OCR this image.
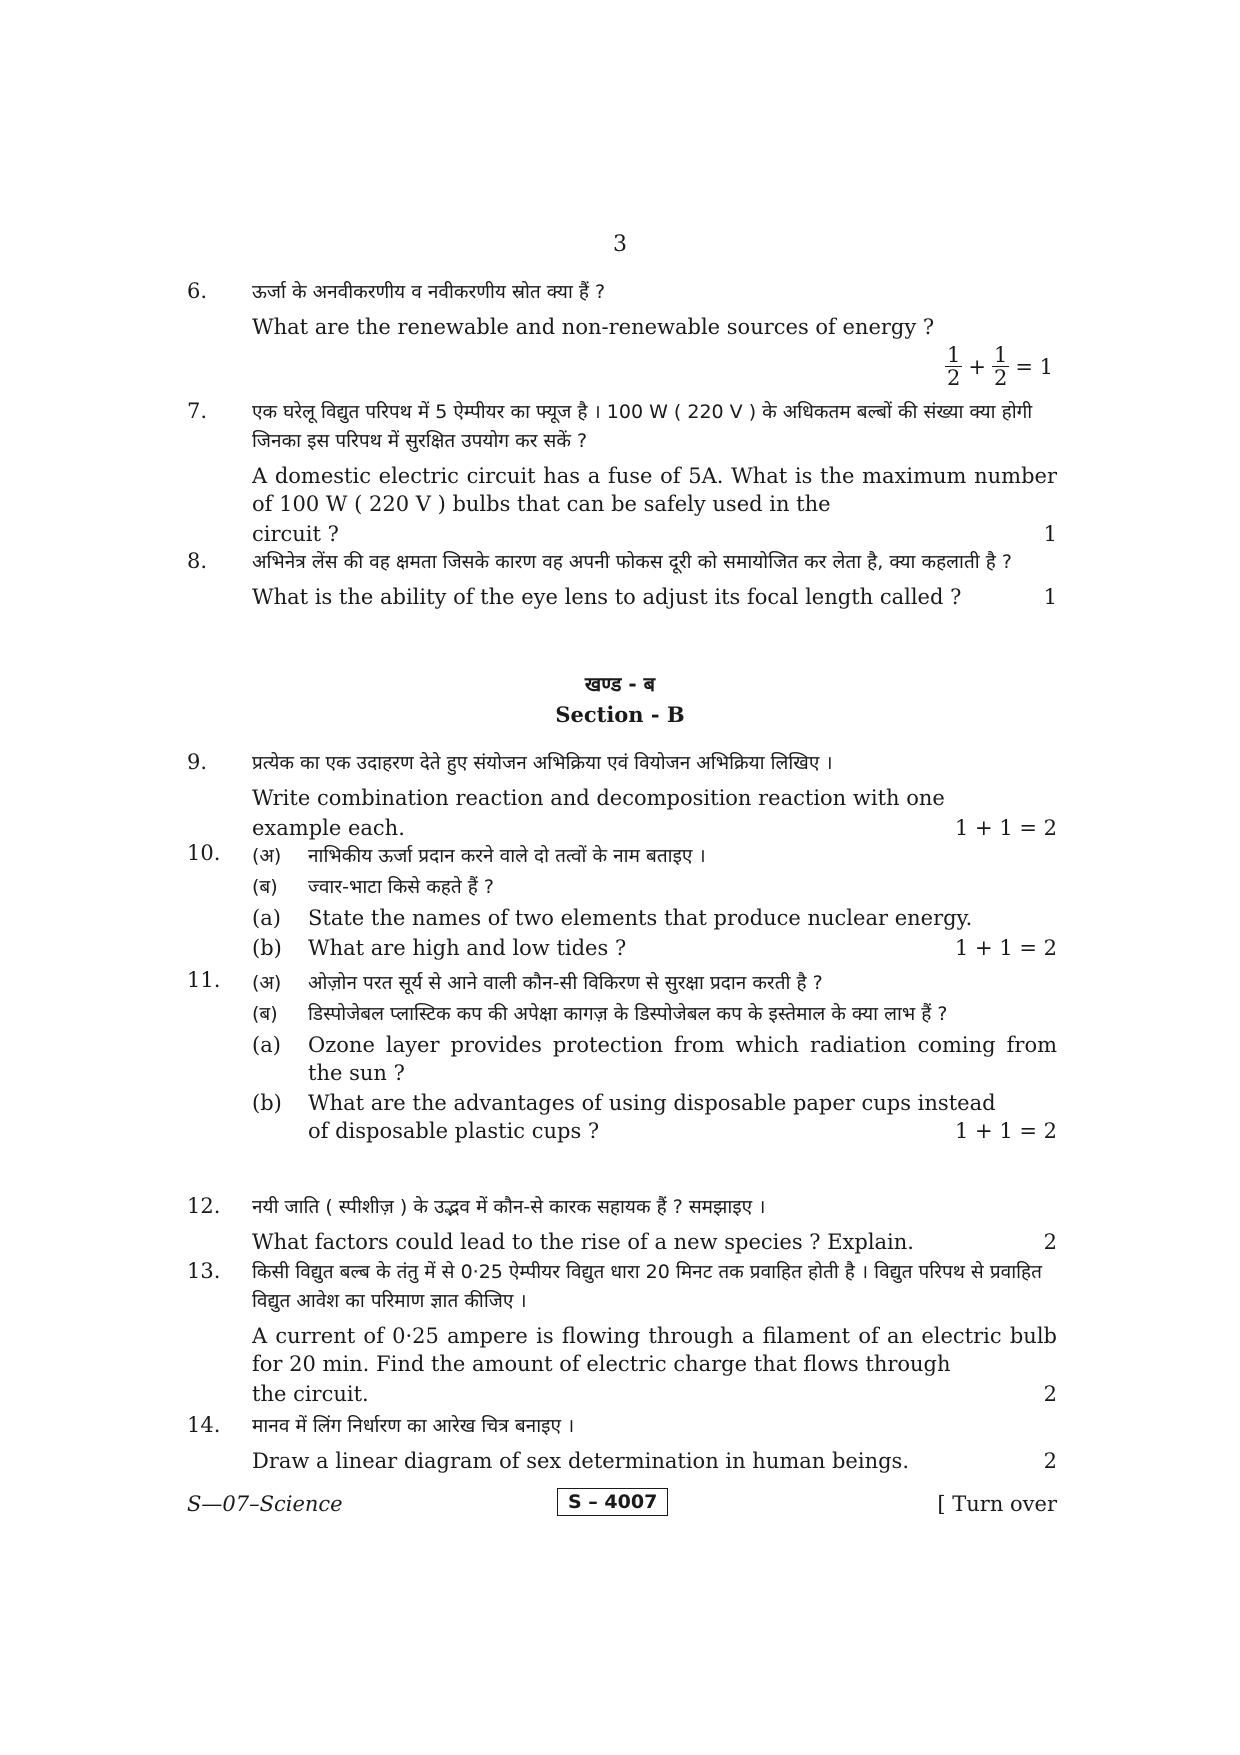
3
6.	ऊर्जा के अनवीकरणीय व नवीकरणीय स्रोत क्या हैं ?
What are the renewable and non-renewable sources of energy ?
1
$2 + \frac{1}{2} = 1$
7.	एक घरेलू विद्युत परिपथ में 5 ऐम्पीयर का फ्यूज है । 100 W ( 220 V ) के अधिकतम बल्बों की संख्या क्या होगी जिनका इस परिपथ में सुरक्षित उपयोग कर सकें ?
A domestic electric circuit has a fuse of 5A. What is the maximum number of 100 W ( 220 V ) bulbs that can be safely used in the
circuit ?	1
8.	अभिनेत्र लेंस की वह क्षमता जिसके कारण वह अपनी फोकस दूरी को समायोजित कर लेता है, क्या कहलाती है ?
What is the ability of the eye lens to adjust its focal length called ?	1
खण्ड - ब
Section - B
9.	प्रत्येक का एक उदाहरण देते हुए संयोजन अभिक्रिया एवं वियोजन अभिक्रिया लिखिए ।
Write combination reaction and decomposition reaction with one
example each.	1 + 1 = 2
10.	(अ)	नाभिकीय ऊर्जा प्रदान करने वाले दो तत्वों के नाम बताइए ।
(ब)	ज्वार-भाटा किसे कहते हैं ?
(a)	State the names of two elements that produce nuclear energy.
(b)	What are high and low tides ?	1 + 1 = 2
11.	(अ)	ओज़ोन परत सूर्य से आने वाली कौन-सी विकिरण से सुरक्षा प्रदान करती है ?
(ब)	डिस्पोजेबल प्लास्टिक कप की अपेक्षा कागज़ के डिस्पोजेबल कप के इस्तेमाल के क्या लाभ हैं ?
(a)	Ozone layer provides protection from which radiation coming from the sun ?
(b)	What are the advantages of using disposable paper cups instead
of disposable plastic cups ?	1 + 1 = 2
12.	नयी जाति ( स्पीशीज़ ) के उद्भव में कौन-से कारक सहायक हैं ? समझाइए ।
What factors could lead to the rise of a new species ? Explain.	2
13.	किसी विद्युत बल्ब के तंतु में से 0·25 ऐम्पीयर विद्युत धारा 20 मिनट तक प्रवाहित होती है । विद्युत परिपथ से प्रवाहित विद्युत आवेश का परिमाण ज्ञात कीजिए ।
A current of 0·25 ampere is flowing through a filament of an electric bulb for 20 min. Find the amount of electric charge that flows through
the circuit.	2
14.	मानव में लिंग निर्धारण का आरेख चित्र बनाइए ।
Draw a linear diagram of sex determination in human beings.	2
S—07–Science	S – 4007	[ Turn over
